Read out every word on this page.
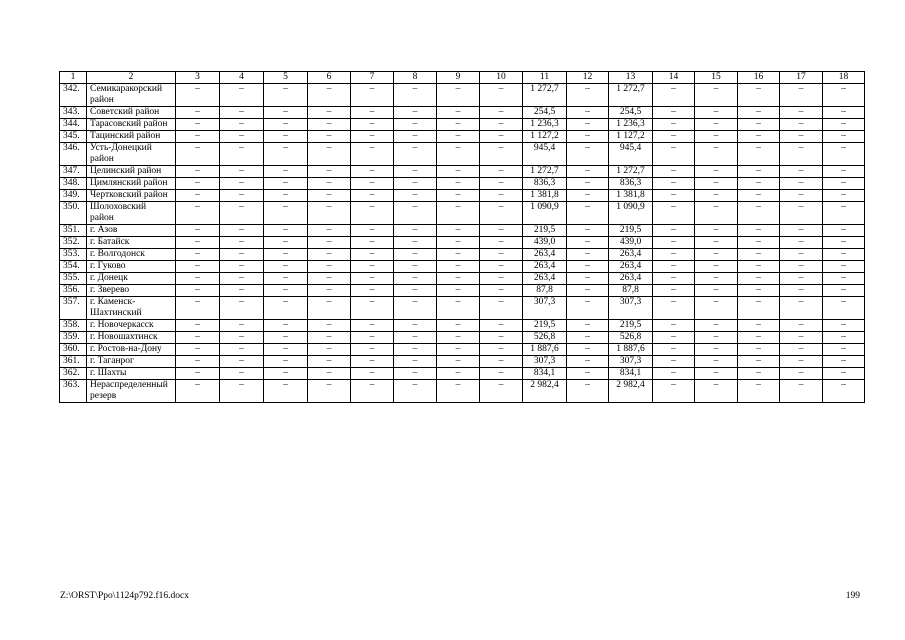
1	2	3	4	5	6	7	8	9	10	11	12	13	14	15	16	17	18
342.	Семикаракорский район	–	–	–	–	–	–	–	–	1 272,7	–	1 272,7	–	–	–	–	–
343.	Советский район	–	–	–	–	–	–	–	–	254,5	–	254,5	–	–	–	–	–
344.	Тарасовский район	–	–	–	–	–	–	–	–	1 236,3	–	1 236,3	–	–	–	–	–
345.	Тацинский район	–	–	–	–	–	–	–	–	1 127,2	–	1 127,2	–	–	–	–	–
346.	Усть-Донецкий район	–	–	–	–	–	–	–	–	945,4	–	945,4	–	–	–	–	–
347.	Целинский район	–	–	–	–	–	–	–	–	1 272,7	–	1 272,7	–	–	–	–	–
348.	Цимлянский район	–	–	–	–	–	–	–	–	836,3	–	836,3	–	–	–	–	–
349.	Чертковский район	–	–	–	–	–	–	–	–	1 381,8	–	1 381,8	–	–	–	–	–
350.	Шолоховский район	–	–	–	–	–	–	–	–	1 090,9	–	1 090,9	–	–	–	–	–
351.	г. Азов	–	–	–	–	–	–	–	–	219,5	–	219,5	–	–	–	–	–
352.	г. Батайск	–	–	–	–	–	–	–	–	439,0	–	439,0	–	–	–	–	–
353.	г. Волгодонск	–	–	–	–	–	–	–	–	263,4	–	263,4	–	–	–	–	–
354.	г. Гуково	–	–	–	–	–	–	–	–	263,4	–	263,4	–	–	–	–	–
355.	г. Донецк	–	–	–	–	–	–	–	–	263,4	–	263,4	–	–	–	–	–
356.	г. Зверево	–	–	–	–	–	–	–	–	87,8	–	87,8	–	–	–	–	–
357.	г. Каменск-Шахтинский	–	–	–	–	–	–	–	–	307,3	–	307,3	–	–	–	–	–
358.	г. Новочеркасск	–	–	–	–	–	–	–	–	219,5	–	219,5	–	–	–	–	–
359.	г. Новошахтинск	–	–	–	–	–	–	–	–	526,8	–	526,8	–	–	–	–	–
360.	г. Ростов-на-Дону	–	–	–	–	–	–	–	–	1 887,6	–	1 887,6	–	–	–	–	–
361.	г. Таганрог	–	–	–	–	–	–	–	–	307,3	–	307,3	–	–	–	–	–
362.	г. Шахты	–	–	–	–	–	–	–	–	834,1	–	834,1	–	–	–	–	–
363.	Нераспределенный резерв	–	–	–	–	–	–	–	–	2 982,4	–	2 982,4	–	–	–	–	–
Z:\ORST\Ppo\1124p792.f16.docx	199
